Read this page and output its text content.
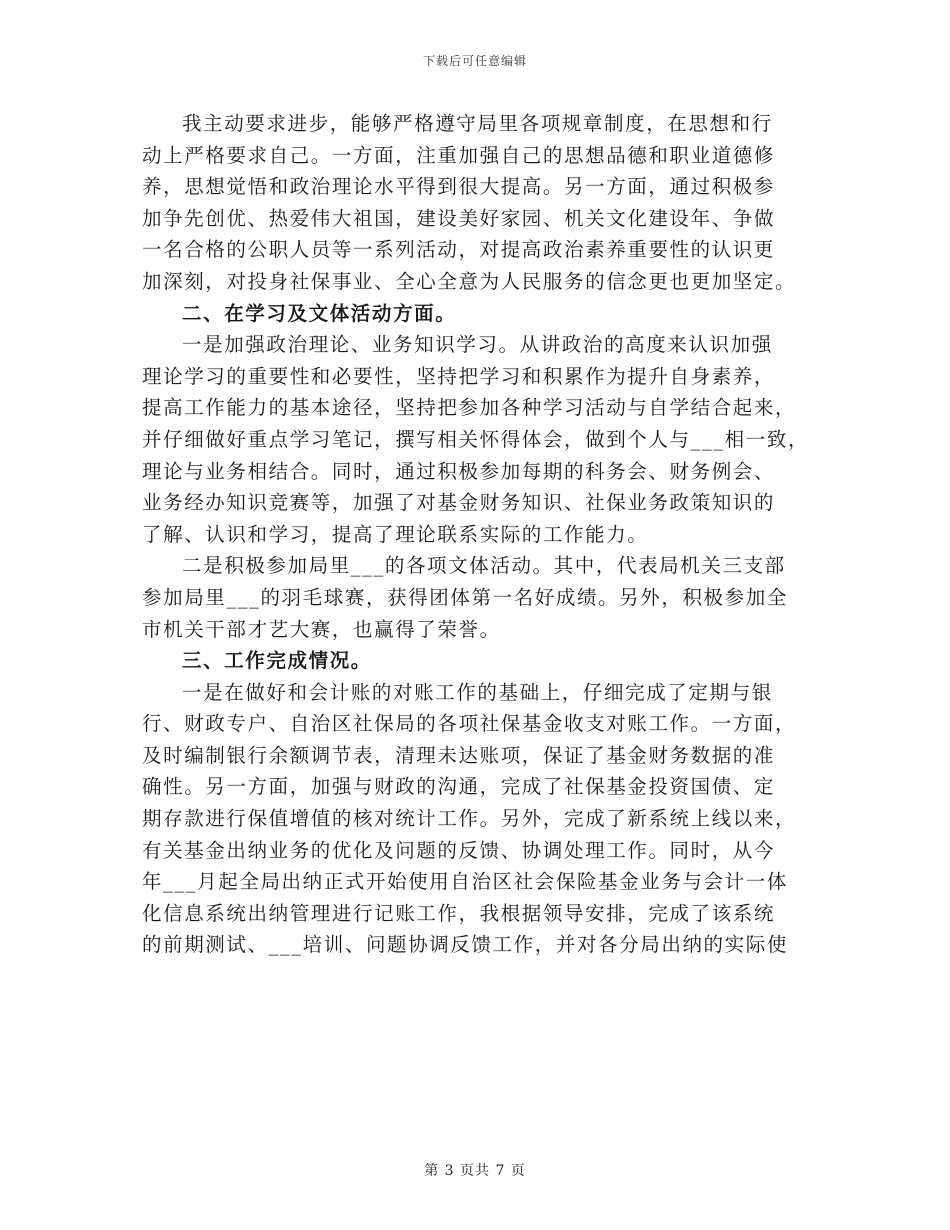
下载后可任意编辑
我主动要求进步，能够严格遵守局里各项规章制度，在思想和行
动上严格要求自己。一方面，注重加强自己的思想品德和职业道德修
养，思想觉悟和政治理论水平得到很大提高。另一方面，通过积极参
加争先创优、热爱伟大祖国，建设美好家园、机关文化建设年、争做
一名合格的公职人员等一系列活动，对提高政治素养重要性的认识更
加深刻，对投身社保事业、全心全意为人民服务的信念更也更加坚定。
二、在学习及文体活动方面。
一是加强政治理论、业务知识学习。从讲政治的高度来认识加强
理论学习的重要性和必要性，坚持把学习和积累作为提升自身素养，
提高工作能力的基本途径，坚持把参加各种学习活动与自学结合起来，
并仔细做好重点学习笔记，撰写相关怀得体会，做到个人与___相一致，
理论与业务相结合。同时，通过积极参加每期的科务会、财务例会、
业务经办知识竞赛等，加强了对基金财务知识、社保业务政策知识的
了解、认识和学习，提高了理论联系实际的工作能力。
二是积极参加局里___的各项文体活动。其中，代表局机关三支部
参加局里___的羽毛球赛，获得团体第一名好成绩。另外，积极参加全
市机关干部才艺大赛，也赢得了荣誉。
三、工作完成情况。
一是在做好和会计账的对账工作的基础上，仔细完成了定期与银
行、财政专户、自治区社保局的各项社保基金收支对账工作。一方面，
及时编制银行余额调节表，清理未达账项，保证了基金财务数据的准
确性。另一方面，加强与财政的沟通，完成了社保基金投资国债、定
期存款进行保值增值的核对统计工作。另外，完成了新系统上线以来，
有关基金出纳业务的优化及问题的反馈、协调处理工作。同时，从今
年___月起全局出纳正式开始使用自治区社会保险基金业务与会计一体
化信息系统出纳管理进行记账工作，我根据领导安排，完成了该系统
的前期测试、___培训、问题协调反馈工作，并对各分局出纳的实际使
第 3 页共 7 页
